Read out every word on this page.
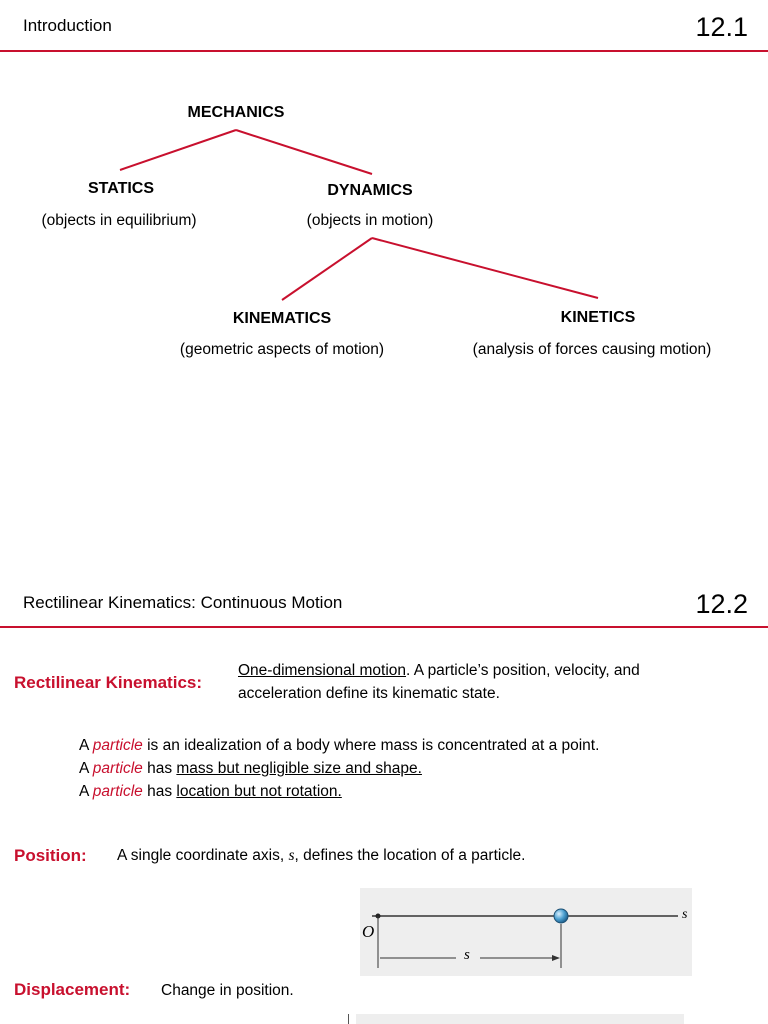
Introduction	12.1
MECHANICS
STATICS
(objects in equilibrium)
DYNAMICS
(objects in motion)
KINEMATICS
(geometric aspects of motion)
KINETICS
(analysis of forces causing motion)
Rectilinear Kinematics: Continuous Motion	12.2
Rectilinear Kinematics:
One-dimensional motion. A particle’s position, velocity, and
acceleration define its kinematic state.
A particle is an idealization of a body where mass is concentrated at a point.
A particle has mass but negligible size and shape.
A particle has location but not rotation.
Position: A single coordinate axis, s, defines the location of a particle.
O
s
s
Displacement: Change in position.
